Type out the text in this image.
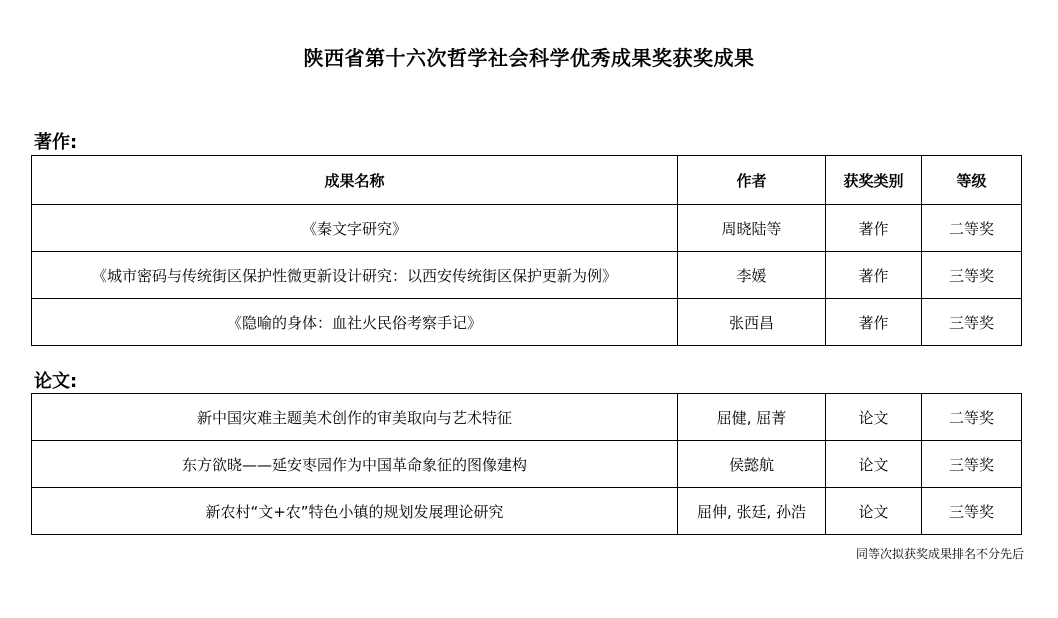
陕西省第十六次哲学社会科学优秀成果奖获奖成果
著作:
成果名称	作者	获奖类别	等级
《秦文字研究》	周晓陆等	著作	二等奖
《城市密码与传统街区保护性微更新设计研究：以西安传统街区保护更新为例》	李媛	著作	三等奖
《隐喻的身体：血社火民俗考察手记》	张西昌	著作	三等奖
论文:
新中国灾难主题美术创作的审美取向与艺术特征	屈健, 屈菁	论文	二等奖
东方欲晓——延安枣园作为中国革命象征的图像建构	侯懿航	论文	三等奖
新农村“文+农”特色小镇的规划发展理论研究	屈伸, 张廷, 孙浩	论文	三等奖
同等次拟获奖成果排名不分先后
